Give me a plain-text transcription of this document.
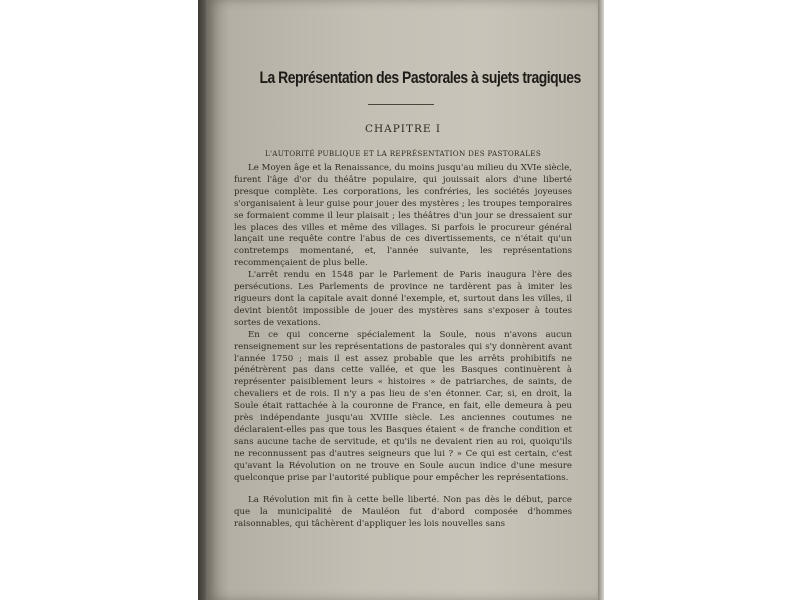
La Représentation des Pastorales à sujets tragiques
CHAPITRE I
L'AUTORITÉ PUBLIQUE ET LA REPRÉSENTATION DES PASTORALES

Le Moyen âge et la Renaissance, du moins jusqu'au milieu du XVIe siècle, furent l'âge d'or du théâtre populaire, qui jouissait alors d'une liberté presque complète. Les corporations, les confréries, les sociétés joyeuses s'organisaient à leur guise pour jouer des mystères ; les troupes temporaires se formaient comme il leur plaisait ; les théâtres d'un jour se dressaient sur les places des villes et même des villages. Si parfois le procureur général lançait une requête contre l'abus de ces divertissements, ce n'était qu'un contretemps momentané, et, l'année suivante, les représentations recommençaient de plus belle.

L'arrêt rendu en 1548 par le Parlement de Paris inaugura l'ère des persécutions. Les Parlements de province ne tardèrent pas à imiter les rigueurs dont la capitale avait donné l'exemple, et, surtout dans les villes, il devint bientôt impossible de jouer des mystères sans s'exposer à toutes sortes de vexations.

En ce qui concerne spécialement la Soule, nous n'avons aucun renseignement sur les représentations de pastorales qui s'y donnèrent avant l'année 1750 ; mais il est assez probable que les arrêts prohibitifs ne pénétrèrent pas dans cette vallée, et que les Basques continuèrent à représenter paisiblement leurs « histoires » de patriarches, de saints, de chevaliers et de rois. Il n'y a pas lieu de s'en étonner. Car, si, en droit, la Soule était rattachée à la couronne de France, en fait, elle demeura à peu près indépendante jusqu'au XVIIIe siècle. Les anciennes coutumes ne déclaraient-elles pas que tous les Basques étaient « de franche condition et sans aucune tache de servitude, et qu'ils ne devaient rien au roi, quoiqu'ils ne reconnussent pas d'autres seigneurs que lui ? » Ce qui est certain, c'est qu'avant la Révolution on ne trouve en Soule aucun indice d'une mesure quelconque prise par l'autorité publique pour empêcher les représentations.

La Révolution mit fin à cette belle liberté. Non pas dès le début, parce que la municipalité de Mauléon fut d'abord composée d'hommes raisonnables, qui tâchèrent d'appliquer les lois nouvelles sans
